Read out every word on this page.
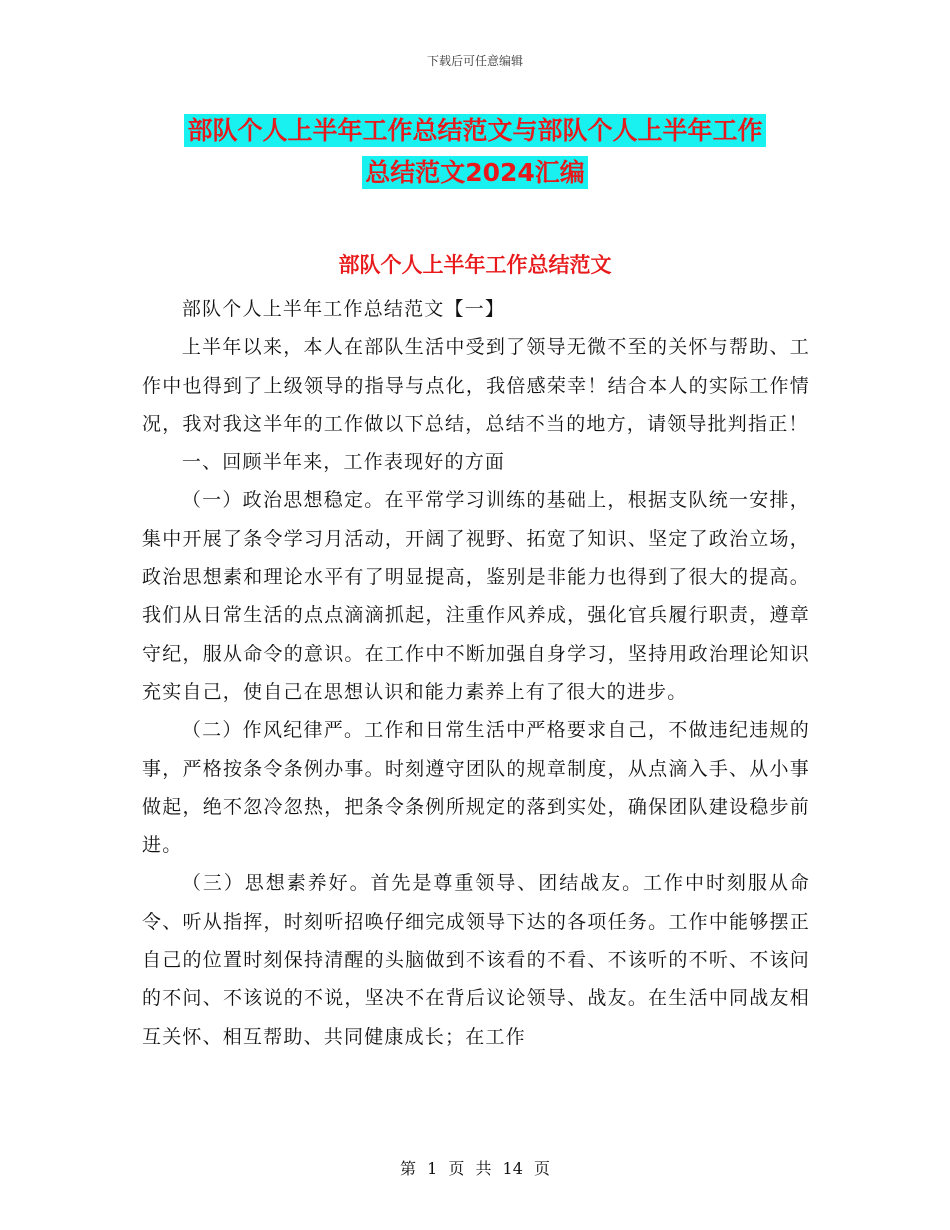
下载后可任意编辑
部队个人上半年工作总结范文与部队个人上半年工作
总结范文2024汇编
部队个人上半年工作总结范文

部队个人上半年工作总结范文【一】

上半年以来，本人在部队生活中受到了领导无微不至的关怀与帮助、工作中也得到了上级领导的指导与点化，我倍感荣幸！结合本人的实际工作情况，我对我这半年的工作做以下总结，总结不当的地方，请领导批判指正！

一、回顾半年来，工作表现好的方面

（一）政治思想稳定。在平常学习训练的基础上，根据支队统一安排，集中开展了条令学习月活动，开阔了视野、拓宽了知识、坚定了政治立场，政治思想素和理论水平有了明显提高，鉴别是非能力也得到了很大的提高。我们从日常生活的点点滴滴抓起，注重作风养成，强化官兵履行职责，遵章守纪，服从命令的意识。在工作中不断加强自身学习，坚持用政治理论知识充实自己，使自己在思想认识和能力素养上有了很大的进步。

（二）作风纪律严。工作和日常生活中严格要求自己，不做违纪违规的事，严格按条令条例办事。时刻遵守团队的规章制度，从点滴入手、从小事做起，绝不忽冷忽热，把条令条例所规定的落到实处，确保团队建设稳步前进。

（三）思想素养好。首先是尊重领导、团结战友。工作中时刻服从命令、听从指挥，时刻听招唤仔细完成领导下达的各项任务。工作中能够摆正自己的位置时刻保持清醒的头脑做到不该看的不看、不该听的不听、不该问的不问、不该说的不说，坚决不在背后议论领导、战友。在生活中同战友相互关怀、相互帮助、共同健康成长；在工作

第 1 页 共 14 页
